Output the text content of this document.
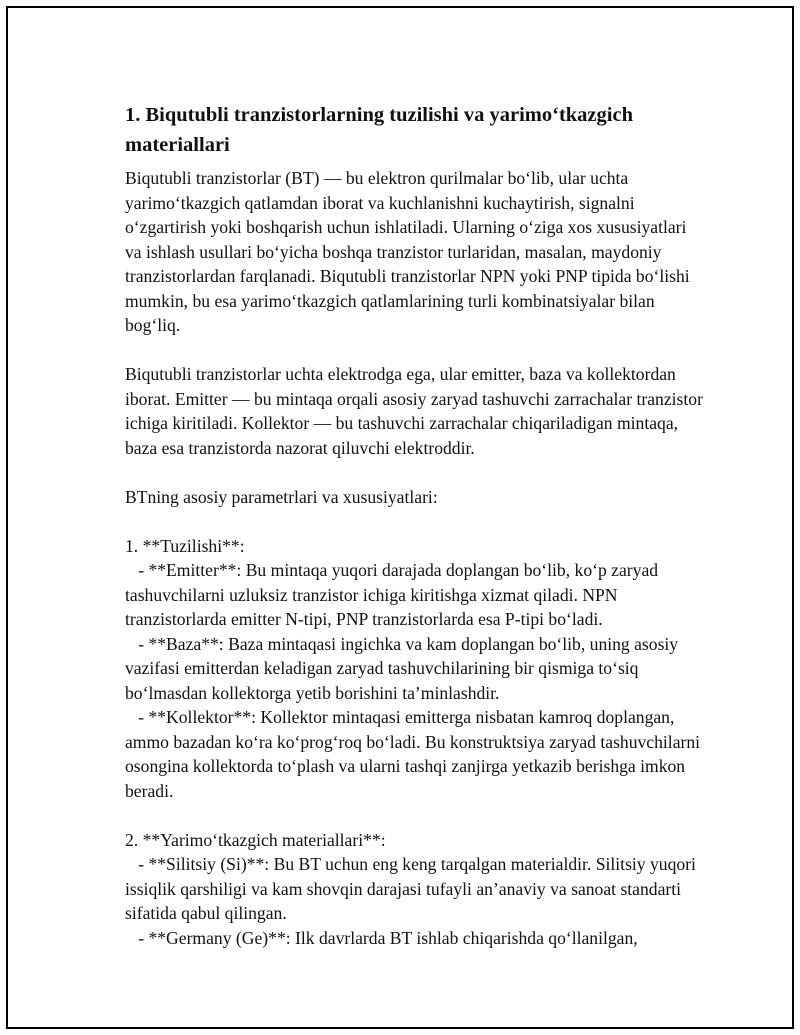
1. Biqutubli tranzistorlarning tuzilishi va yarimo‘tkazgich materiallari

Biqutubli tranzistorlar (BT) — bu elektron qurilmalar bo‘lib, ular uchta yarimo‘tkazgich qatlamdan iborat va kuchlanishni kuchaytirish, signalni o‘zgartirish yoki boshqarish uchun ishlatiladi. Ularning o‘ziga xos xususiyatlari va ishlash usullari bo‘yicha boshqa tranzistor turlaridan, masalan, maydoniy tranzistorlardan farqlanadi. Biqutubli tranzistorlar NPN yoki PNP tipida bo‘lishi mumkin, bu esa yarimo‘tkazgich qatlamlarining turli kombinatsiyalar bilan bog‘liq.

Biqutubli tranzistorlar uchta elektrodga ega, ular emitter, baza va kollektordan iborat. Emitter — bu mintaqa orqali asosiy zaryad tashuvchi zarrachalar tranzistor ichiga kiritiladi. Kollektor — bu tashuvchi zarrachalar chiqariladigan mintaqa, baza esa tranzistorda nazorat qiluvchi elektroddir.

BTning asosiy parametrlari va xususiyatlari:

1. **Tuzilishi**:
- **Emitter**: Bu mintaqa yuqori darajada doplangan bo‘lib, ko‘p zaryad tashuvchilarni uzluksiz tranzistor ichiga kiritishga xizmat qiladi. NPN tranzistorlarda emitter N-tipi, PNP tranzistorlarda esa P-tipi bo‘ladi.
- **Baza**: Baza mintaqasi ingichka va kam doplangan bo‘lib, uning asosiy vazifasi emitterdan keladigan zaryad tashuvchilarining bir qismiga to‘siq bo‘lmasdan kollektorga yetib borishini ta’minlashdir.
- **Kollektor**: Kollektor mintaqasi emitterga nisbatan kamroq doplangan, ammo bazadan ko‘ra ko‘prog‘roq bo‘ladi. Bu konstruktsiya zaryad tashuvchilarni osongina kollektorda to‘plash va ularni tashqi zanjirga yetkazib berishga imkon beradi.

2. **Yarimo‘tkazgich materiallari**:
- **Silitsiy (Si)**: Bu BT uchun eng keng tarqalgan materialdir. Silitsiy yuqori issiqlik qarshiligi va kam shovqin darajasi tufayli an’anaviy va sanoat standarti sifatida qabul qilingan.
- **Germany (Ge)**: Ilk davrlarda BT ishlab chiqarishda qo‘llanilgan,
